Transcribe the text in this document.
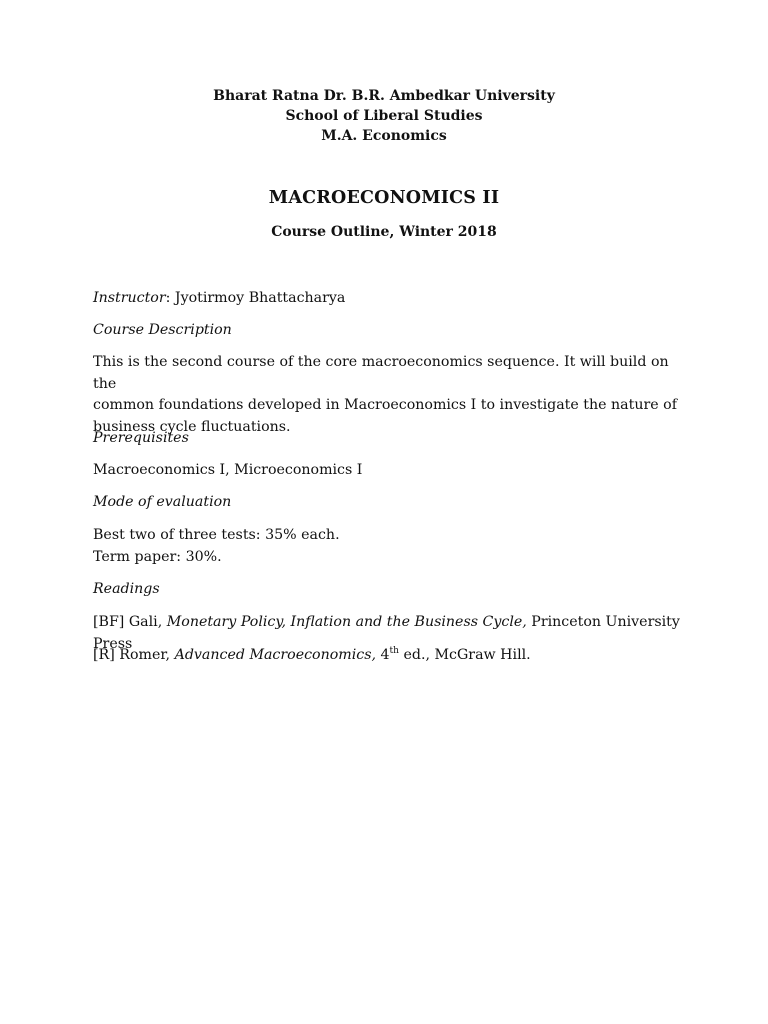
Bharat Ratna Dr. B.R. Ambedkar University

School of Liberal Studies

M.A. Economics

MACROECONOMICS II

Course Outline, Winter 2018

Instructor: Jyotirmoy Bhattacharya

Course Description

This is the second course of the core macroeconomics sequence. It will build on the
common foundations developed in Macroeconomics I to investigate the nature of
business cycle fluctuations.

Prerequisites

Macroeconomics I, Microeconomics I

Mode of evaluation

Best two of three tests: 35% each.
Term paper: 30%.

Readings

[BF] Gali, Monetary Policy, Inflation and the Business Cycle, Princeton University Press

[R] Romer, Advanced Macroeconomics, 4th ed., McGraw Hill.
